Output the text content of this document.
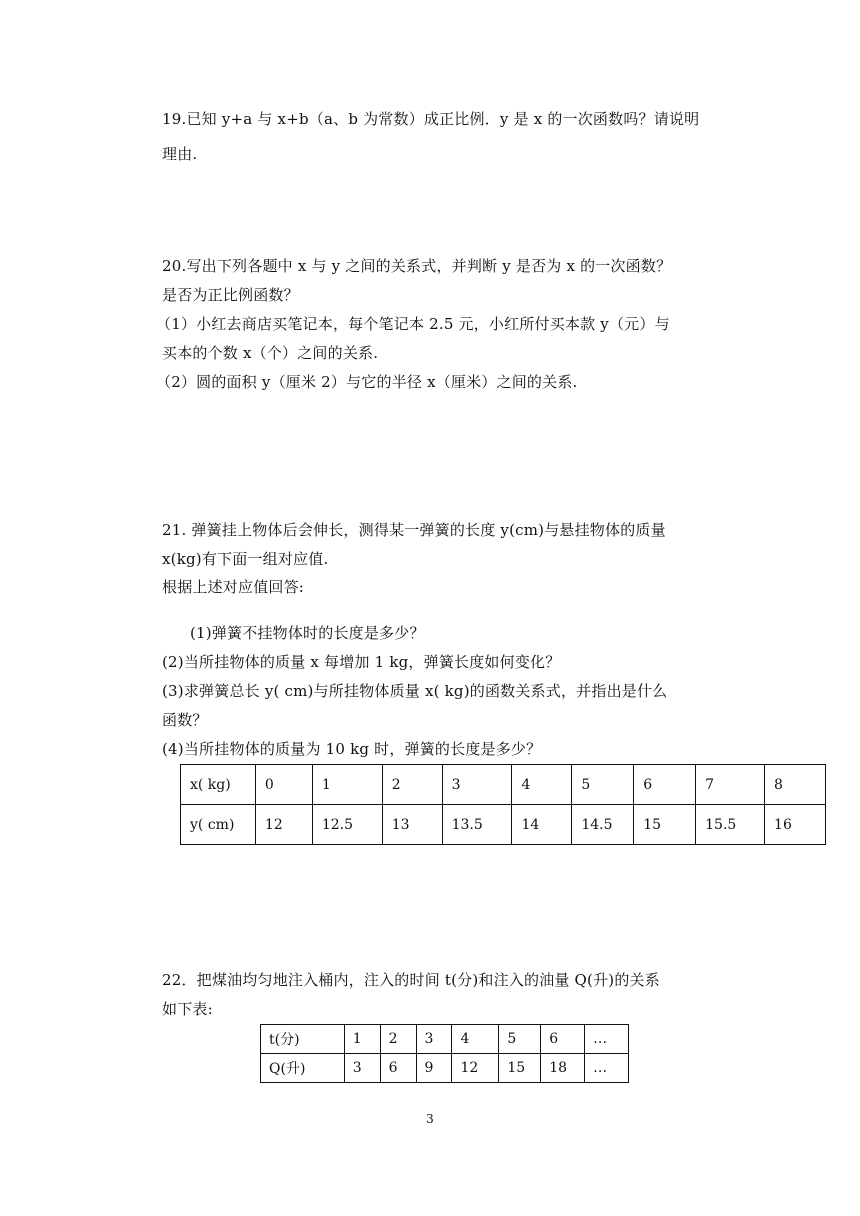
19.已知 y+a 与 x+b（a、b 为常数）成正比例．y 是 x 的一次函数吗？请说明
理由.
20.写出下列各题中 x 与 y 之间的关系式，并判断 y 是否为 x 的一次函数？
是否为正比例函数？
（1）小红去商店买笔记本，每个笔记本 2.5 元，小红所付买本款 y（元）与
买本的个数 x（个）之间的关系.
（2）圆的面积 y（厘米 2）与它的半径 x（厘米）之间的关系.
21. 弹簧挂上物体后会伸长，测得某一弹簧的长度 y(cm)与悬挂物体的质量
x(kg)有下面一组对应值.
根据上述对应值回答:
(1)弹簧不挂物体时的长度是多少？
(2)当所挂物体的质量 x 每增加 1 kg，弹簧长度如何变化？
(3)求弹簧总长 y( cm)与所挂物体质量 x( kg)的函数关系式，并指出是什么
函数？
(4)当所挂物体的质量为 10 kg 时，弹簧的长度是多少？
x( kg)	0	1	2	3	4	5	6	7	8
y( cm)	12	12.5	13	13.5	14	14.5	15	15.5	16
22．把煤油均匀地注入桶内，注入的时间 t(分)和注入的油量 Q(升)的关系
如下表:
t(分)	1	2	3	4	5	6	…
Q(升)	3	6	9	12	15	18	…
3
